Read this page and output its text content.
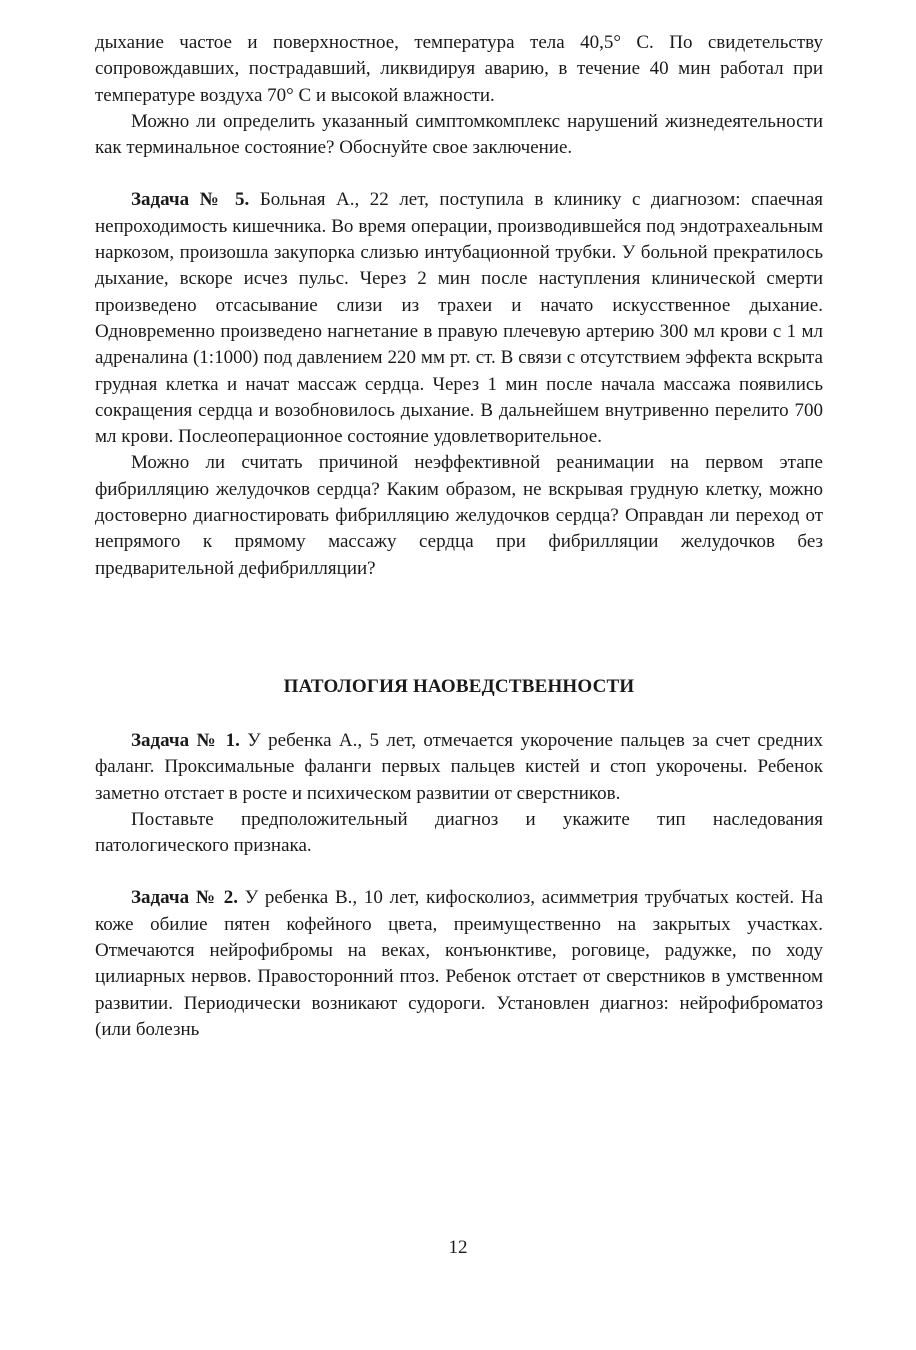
дыхание частое и поверхностное, температура тела 40,5° С. По свидетельству сопровождавших, пострадавший, ликвидируя аварию, в течение 40 мин работал при температуре воздуха 70° С и высокой влажности.

Можно ли определить указанный симптомкомплекс нарушений жизнедеятельности как терминальное состояние? Обоснуйте свое заключение.

Задача № 5. Больная А., 22 лет, поступила в клинику с диагнозом: спаечная непроходимость кишечника. Во время операции, производившейся под эндотрахеальным наркозом, произошла закупорка слизью интубационной трубки. У больной прекратилось дыхание, вскоре исчез пульс. Через 2 мин после наступления клинической смерти произведено отсасывание слизи из трахеи и начато искусственное дыхание. Одновременно произведено нагнетание в правую плечевую артерию 300 мл крови с 1 мл адреналина (1:1000) под давлением 220 мм рт. ст. В связи с отсутствием эффекта вскрыта грудная клетка и начат массаж сердца. Через 1 мин после начала массажа появились сокращения сердца и возобновилось дыхание. В дальнейшем внутривенно перелито 700 мл крови. Послеоперационное состояние удовлетворительное.

Можно ли считать причиной неэффективной реанимации на первом этапе фибрилляцию желудочков сердца? Каким образом, не вскрывая грудную клетку, можно достоверно диагностировать фибрилляцию желудочков сердца? Оправдан ли переход от непрямого к прямому массажу сердца при фибрилляции желудочков без предварительной дефибрилляции?

ПАТОЛОГИЯ НАОВЕДСТВЕННОСТИ

Задача № 1. У ребенка А., 5 лет, отмечается укорочение пальцев за счет средних фаланг. Проксимальные фаланги первых пальцев кистей и стоп укорочены. Ребенок заметно отстает в росте и психическом развитии от сверстников.

Поставьте предположительный диагноз и укажите тип наследования патологического признака.

Задача № 2. У ребенка В., 10 лет, кифосколиоз, асимметрия трубчатых костей. На коже обилие пятен кофейного цвета, преимущественно на закрытых участках. Отмечаются нейрофибромы на веках, конъюнктиве, роговице, радужке, по ходу цилиарных нервов. Правосторонний птоз. Ребенок отстает от сверстников в умственном развитии. Периодически возникают судороги. Установлен диагноз: нейрофиброматоз (или болезнь

12
